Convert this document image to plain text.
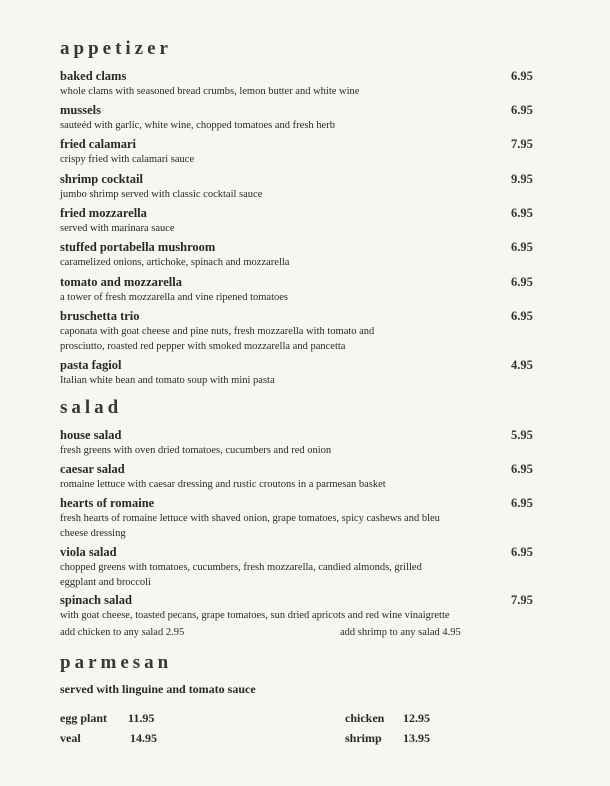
appetizer
baked clams
whole clams with seasoned bread crumbs, lemon butter and white wine
6.95
mussels
sauteéd with garlic, white wine, chopped tomatoes and fresh herb
6.95
fried calamari
crispy fried with calamari sauce
7.95
shrimp cocktail
jumbo shrimp served with classic cocktail sauce
9.95
fried mozzarella
served with marinara sauce
6.95
stuffed portabella mushroom
caramelized onions, artichoke, spinach and mozzarella
6.95
tomato and mozzarella
a tower of fresh mozzarella and vine ripened tomatoes
6.95
bruschetta trio
caponata with goat cheese and pine nuts, fresh mozzarella with tomato and prosciutto, roasted red pepper with smoked mozzarella and pancetta
6.95
pasta fagiol
Italian white bean and tomato soup with mini pasta
4.95
salad
house salad
fresh greens with oven dried tomatoes, cucumbers and red onion
5.95
caesar salad
romaine lettuce with caesar dressing and rustic croutons in a parmesan basket
6.95
hearts of romaine
fresh hearts of romaine lettuce with shaved onion, grape tomatoes, spicy cashews and bleu cheese dressing
6.95
viola salad
chopped greens with tomatoes, cucumbers, fresh mozzarella, candied almonds, grilled eggplant and broccoli
6.95
spinach salad
with goat cheese, toasted pecans, grape tomatoes, sun dried apricots and red wine vinaigrette
7.95
add chicken to any salad 2.95	add shrimp to any salad 4.95
parmesan
served with linguine and tomato sauce
egg plant 11.95
veal	14.95
chicken 12.95
shrimp 13.95
